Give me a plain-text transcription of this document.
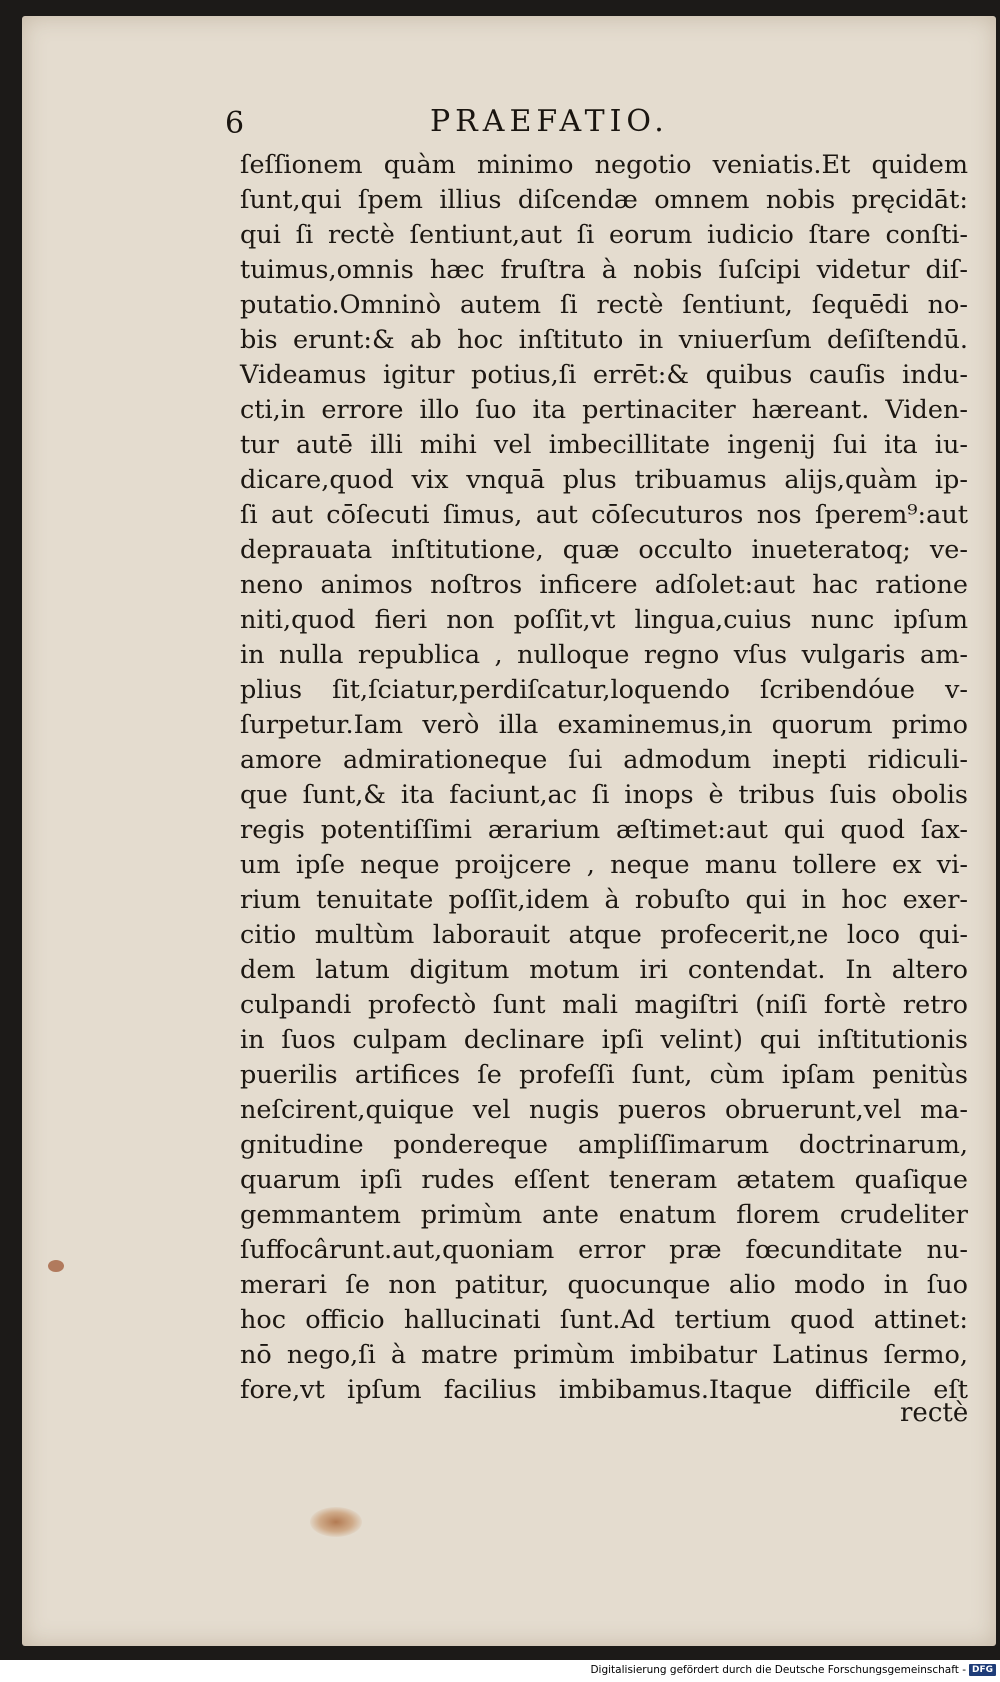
6	PRAEFATIO.
ſeſſionem quàm minimo negotio veniatis.Et quidem
ſunt,qui ſpem illius diſcendæ omnem nobis pręcidāt:
qui ſi rectè ſentiunt,aut ſi eorum iudicio ſtare conſti-
tuimus,omnis hæc fruſtra à nobis ſuſcipi videtur diſ-
putatio.Omninò autem ſi rectè ſentiunt, ſequēdi no-
bis erunt:& ab hoc inſtituto in vniuerſum deſiſtendū.
Videamus igitur potius,ſi errēt:& quibus cauſis indu-
cti,in errore illo ſuo ita pertinaciter hæreant. Viden-
tur autē illi mihi vel imbecillitate ingenij ſui ita iu-
dicare,quod vix vnquā plus tribuamus alijs,quàm ip-
ſi aut cōſecuti ſimus, aut cōſecuturos nos ſperem⁹:aut
deprauata inſtitutione, quæ occulto inueteratoq; ve-
neno animos noſtros inficere adſolet:aut hac ratione
niti,quod fieri non poſſit,vt lingua,cuius nunc ipſum
in nulla republica , nulloque regno vſus vulgaris am-
plius ſit,ſciatur,perdiſcatur,loquendo ſcribendóue v-
ſurpetur.Iam verò illa examinemus,in quorum primo
amore admirationeque ſui admodum inepti ridiculi-
que ſunt,& ita faciunt,ac ſi inops è tribus ſuis obolis
regis potentiſſimi ærarium æſtimet:aut qui quod ſax-
um ipſe neque proijcere , neque manu tollere ex vi-
rium tenuitate poſſit,idem à robuſto qui in hoc exer-
citio multùm laborauit atque profecerit,ne loco qui-
dem latum digitum motum iri contendat. In altero
culpandi profectò ſunt mali magiſtri (niſi fortè retro
in ſuos culpam declinare ipſi velint) qui inſtitutionis
puerilis artifices ſe profeſſi ſunt, cùm ipſam penitùs
neſcirent,quique vel nugis pueros obruerunt,vel ma-
gnitudine pondereque ampliſſimarum doctrinarum,
quarum ipſi rudes eſſent teneram ætatem quaſique
gemmantem primùm ante enatum florem crudeliter
ſuffocârunt.aut,quoniam error præ fœcunditate nu-
merari ſe non patitur, quocunque alio modo in ſuo
hoc officio hallucinati ſunt.Ad tertium quod attinet:
nō nego,ſi à matre primùm imbibatur Latinus ſermo,
fore,vt ipſum facilius imbibamus.Itaque difficile eſt
rectè
Digitalisierung gefördert durch die Deutsche Forschungsgemeinschaft - DFG
